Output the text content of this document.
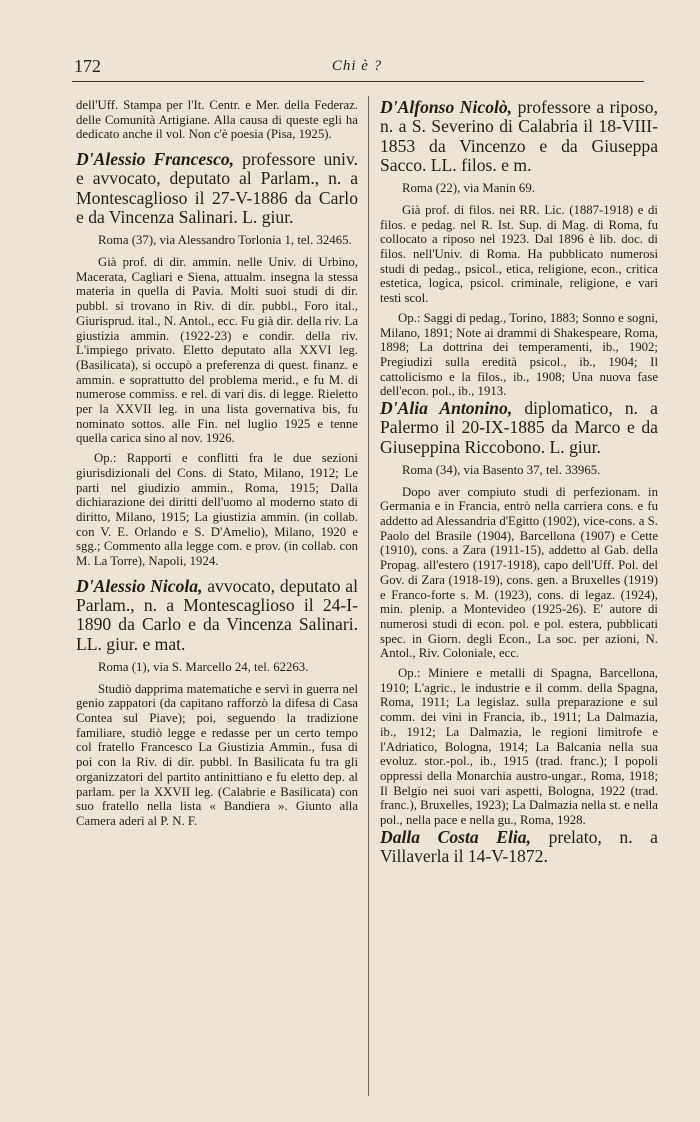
172	Chi è ?

dell'Uff. Stampa per l'It. Centr. e Mer. della Federaz. delle Comunità Artigiane. Alla causa di queste egli ha dedicato anche il vol. Non c'è poesia (Pisa, 1925).

D'Alessio Francesco, professore univ. e avvocato, deputato al Parlam., n. a Montescaglioso il 27-V-1886 da Carlo e da Vincenza Salinari. L. giur.

Roma (37), via Alessandro Torlonia 1, tel. 32465.

Già prof. di dir. ammin. nelle Univ. di Urbino, Macerata, Cagliari e Siena, attualm. insegna la stessa materia in quella di Pavia. Molti suoi studi di dir. pubbl. si trovano in Riv. di dir. pubbl., Foro ital., Giurisprud. ital., N. Antol., ecc. Fu già dir. della riv. La giustizia ammin. (1922-23) e condir. della riv. L'impiego privato. Eletto deputato alla XXVI leg. (Basilicata), si occupò a preferenza di quest. finanz. e ammin. e soprattutto del problema merid., e fu M. di numerose commiss. e rel. di vari dis. di legge. Rieletto per la XXVII leg. in una lista governativa bis, fu nominato sottos. alle Fin. nel luglio 1925 e tenne quella carica sino al nov. 1926.

Op.: Rapporti e conflitti fra le due sezioni giurisdizionali del Cons. di Stato, Milano, 1912; Le parti nel giudizio ammin., Roma, 1915; Dalla dichiarazione dei diritti dell'uomo al moderno stato di diritto, Milano, 1915; La giustizia ammin. (in collab. con V. E. Orlando e S. D'Amelio), Milano, 1920 e sgg.; Commento alla legge com. e prov. (in collab. con M. La Torre), Napoli, 1924.

D'Alessio Nicola, avvocato, deputato al Parlam., n. a Montescaglioso il 24-I-1890 da Carlo e da Vincenza Salinari. LL. giur. e mat.

Roma (1), via S. Marcello 24, tel. 62263.

Studiò dapprima matematiche e servì in guerra nel genio zappatori (da capitano rafforzò la difesa di Casa Contea sul Piave); poi, seguendo la tradizione familiare, studiò legge e redasse per un certo tempo col fratello Francesco La Giustizia Ammin., fusa di poi con la Riv. di dir. pubbl. In Basilicata fu tra gli organizzatori del partito antinittiano e fu eletto dep. al parlam. per la XXVII leg. (Calabrie e Basilicata) con suo fratello nella lista « Bandiera ». Giunto alla Camera aderì al P. N. F.

D'Alfonso Nicolò, professore a riposo, n. a S. Severino di Calabria il 18-VIII-1853 da Vincenzo e da Giuseppa Sacco. LL. filos. e m.

Roma (22), via Manin 69.

Già prof. di filos. nei RR. Lic. (1887-1918) e di filos. e pedag. nel R. Ist. Sup. di Mag. di Roma, fu collocato a riposo nel 1923. Dal 1896 è lib. doc. di filos. nell'Univ. di Roma. Ha pubblicato numerosi studi di pedag., psicol., etica, religione, econ., critica estetica, logica, psicol. criminale, religione, e vari testi scol.

Op.: Saggi di pedag., Torino, 1883; Sonno e sogni, Milano, 1891; Note ai drammi di Shakespeare, Roma, 1898; La dottrina dei temperamenti, ib., 1902; Pregiudizi sulla eredità psicol., ib., 1904; Il cattolicismo e la filos., ib., 1908; Una nuova fase dell'econ. pol., ib., 1913.

D'Alia Antonino, diplomatico, n. a Palermo il 20-IX-1885 da Marco e da Giuseppina Riccobono. L. giur.

Roma (34), via Basento 37, tel. 33965.

Dopo aver compiuto studi di perfezionam. in Germania e in Francia, entrò nella carriera cons. e fu addetto ad Alessandria d'Egitto (1902), vice-cons. a S. Paolo del Brasile (1904), Barcellona (1907) e Cette (1910), cons. a Zara (1911-15), addetto al Gab. della Propag. all'estero (1917-1918), capo dell'Uff. Pol. del Gov. di Zara (1918-19), cons. gen. a Bruxelles (1919) e Franco-forte s. M. (1923), cons. di legaz. (1924), min. plenip. a Montevideo (1925-26). E' autore di numerosi studi di econ. pol. e pol. estera, pubblicati spec. in Giorn. degli Econ., La soc. per azioni, N. Antol., Riv. Coloniale, ecc.

Op.: Miniere e metalli di Spagna, Barcellona, 1910; L'agric., le industrie e il comm. della Spagna, Roma, 1911; La legislaz. sulla preparazione e sul comm. dei vini in Francia, ib., 1911; La Dalmazia, ib., 1912; La Dalmazia, le regioni limitrofe e l'Adriatico, Bologna, 1914; La Balcania nella sua evoluz. stor.-pol., ib., 1915 (trad. franc.); I popoli oppressi della Monarchia austro-ungar., Roma, 1918; Il Belgio nei suoi vari aspetti, Bologna, 1922 (trad. franc.), Bruxelles, 1923); La Dalmazia nella st. e nella pol., nella pace e nella gu., Roma, 1928.

Dalla Costa Elia, prelato, n. a Villaverla il 14-V-1872.
